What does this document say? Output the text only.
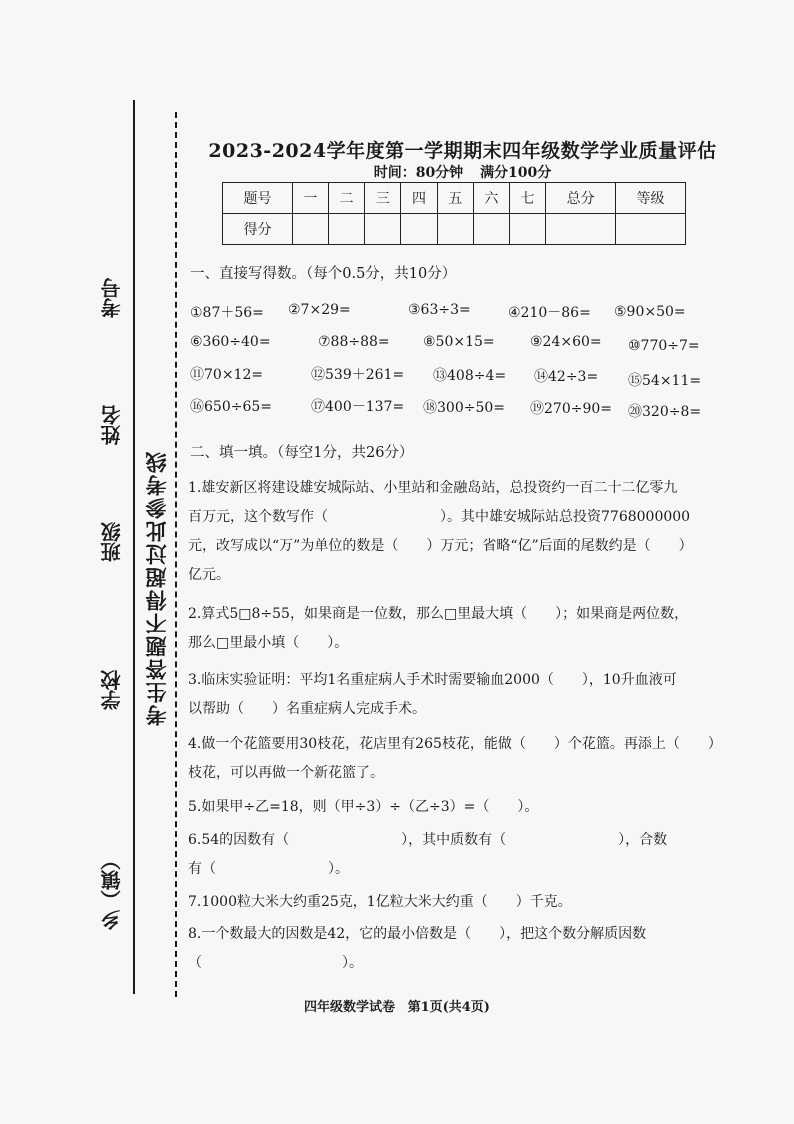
乡（镇）
学校
班级
姓名
考号
考生答题不得超过此参考线
2023-2024学年度第一学期期末四年级数学学业质量评估
时间：80分钟 满分100分
题号	一	二	三	四	五	六	七	总分	等级
得分									
一、直接写得数。（每个0.5分，共10分）
①87＋56= ②7×29=	③63÷3=	④210－86= ⑤90×50=
⑥360÷40=	⑦88÷88= ⑧50×15=	⑨24×60= ⑩770÷7=
⑪70×12=	⑫539＋261= ⑬408÷4= ⑭42÷3= ⑮54×11=
⑯650÷65=	⑰400－137= ⑱300÷50= ⑲270÷90= ⑳320÷8=
二、填一填。（每空1分，共26分）
1.雄安新区将建设雄安城际站、小里站和金融岛站，总投资约一百二十二亿零九
百万元，这个数写作（　　　　　　　　）。其中雄安城际站总投资7768000000
元，改写成以“万”为单位的数是（　　）万元；省略“亿”后面的尾数约是（　　）
亿元。
2.算式5□8÷55，如果商是一位数，那么□里最大填（　　）；如果商是两位数，
那么□里最小填（　　）。
3.临床实验证明：平均1名重症病人手术时需要输血2000（　　），10升血液可
以帮助（　　）名重症病人完成手术。
4.做一个花篮要用30枝花，花店里有265枝花，能做（　　）个花篮。再添上（　　）
枝花，可以再做一个新花篮了。
5.如果甲÷乙=18，则（甲÷3）÷（乙÷3）=（　　）。
6.54的因数有（　　　　　　　　），其中质数有（　　　　　　　　），合数
有（　　　　　　　　）。
7.1000粒大米大约重25克，1亿粒大米大约重（　　）千克。
8.一个数最大的因数是42，它的最小倍数是（　　），把这个数分解质因数
（　　　　　　　　　　）。
四年级数学试卷 第1页(共4页)
